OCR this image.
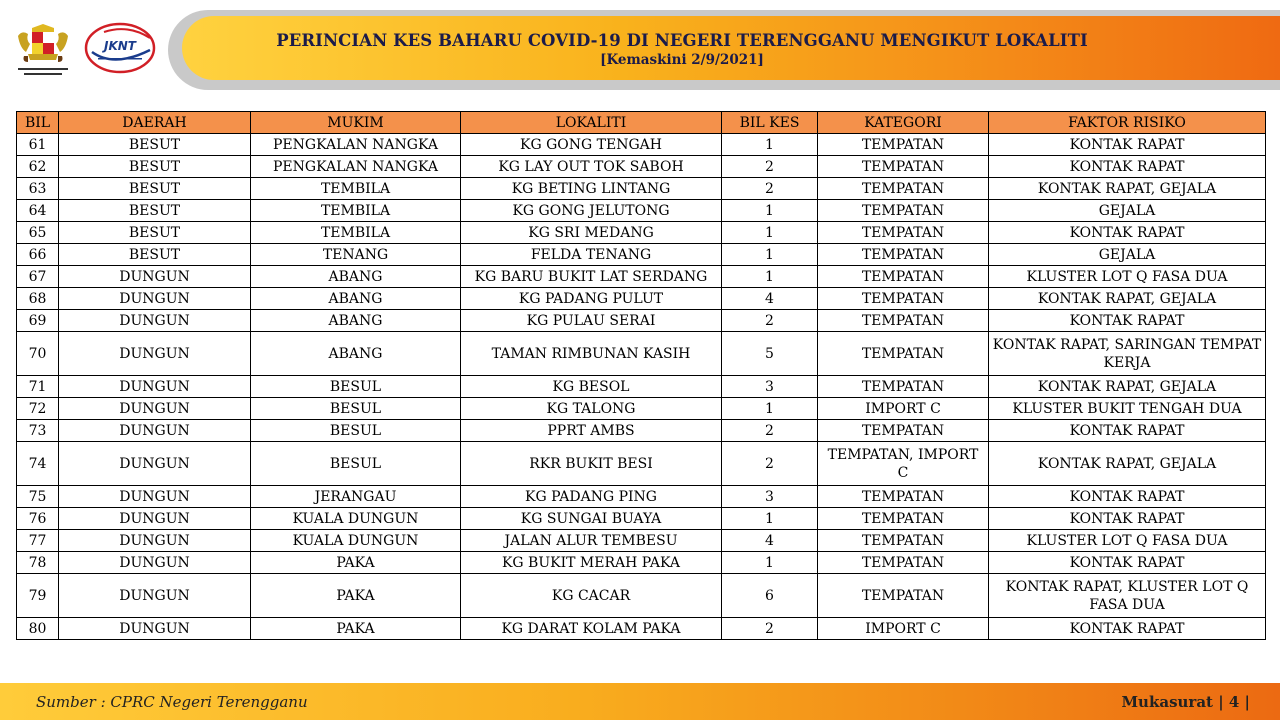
JKNT	PERINCIAN KES BAHARU COVID-19 DI NEGERI TERENGGANU MENGIKUT LOKALITI
[Kemaskini 2/9/2021]
BIL	DAERAH	MUKIM	LOKALITI	BIL KES	KATEGORI	FAKTOR RISIKO
61	BESUT	PENGKALAN NANGKA	KG GONG TENGAH	1	TEMPATAN	KONTAK RAPAT
62	BESUT	PENGKALAN NANGKA	KG LAY OUT TOK SABOH	2	TEMPATAN	KONTAK RAPAT
63	BESUT	TEMBILA	KG BETING LINTANG	2	TEMPATAN	KONTAK RAPAT, GEJALA
64	BESUT	TEMBILA	KG GONG JELUTONG	1	TEMPATAN	GEJALA
65	BESUT	TEMBILA	KG SRI MEDANG	1	TEMPATAN	KONTAK RAPAT
66	BESUT	TENANG	FELDA TENANG	1	TEMPATAN	GEJALA
67	DUNGUN	ABANG	KG BARU BUKIT LAT SERDANG	1	TEMPATAN	KLUSTER LOT Q FASA DUA
68	DUNGUN	ABANG	KG PADANG PULUT	4	TEMPATAN	KONTAK RAPAT, GEJALA
69	DUNGUN	ABANG	KG PULAU SERAI	2	TEMPATAN	KONTAK RAPAT
70	DUNGUN	ABANG	TAMAN RIMBUNAN KASIH	5	TEMPATAN	KONTAK RAPAT, SARINGAN TEMPAT KERJA
71	DUNGUN	BESUL	KG BESOL	3	TEMPATAN	KONTAK RAPAT, GEJALA
72	DUNGUN	BESUL	KG TALONG	1	IMPORT C	KLUSTER BUKIT TENGAH DUA
73	DUNGUN	BESUL	PPRT AMBS	2	TEMPATAN	KONTAK RAPAT
74	DUNGUN	BESUL	RKR BUKIT BESI	2	TEMPATAN, IMPORT C	KONTAK RAPAT, GEJALA
75	DUNGUN	JERANGAU	KG PADANG PING	3	TEMPATAN	KONTAK RAPAT
76	DUNGUN	KUALA DUNGUN	KG SUNGAI BUAYA	1	TEMPATAN	KONTAK RAPAT
77	DUNGUN	KUALA DUNGUN	JALAN ALUR TEMBESU	4	TEMPATAN	KLUSTER LOT Q FASA DUA
78	DUNGUN	PAKA	KG BUKIT MERAH PAKA	1	TEMPATAN	KONTAK RAPAT
79	DUNGUN	PAKA	KG CACAR	6	TEMPATAN	KONTAK RAPAT, KLUSTER LOT Q FASA DUA
80	DUNGUN	PAKA	KG DARAT KOLAM PAKA	2	IMPORT C	KONTAK RAPAT
Sumber : CPRC Negeri Terengganu	Mukasurat | 4 |
